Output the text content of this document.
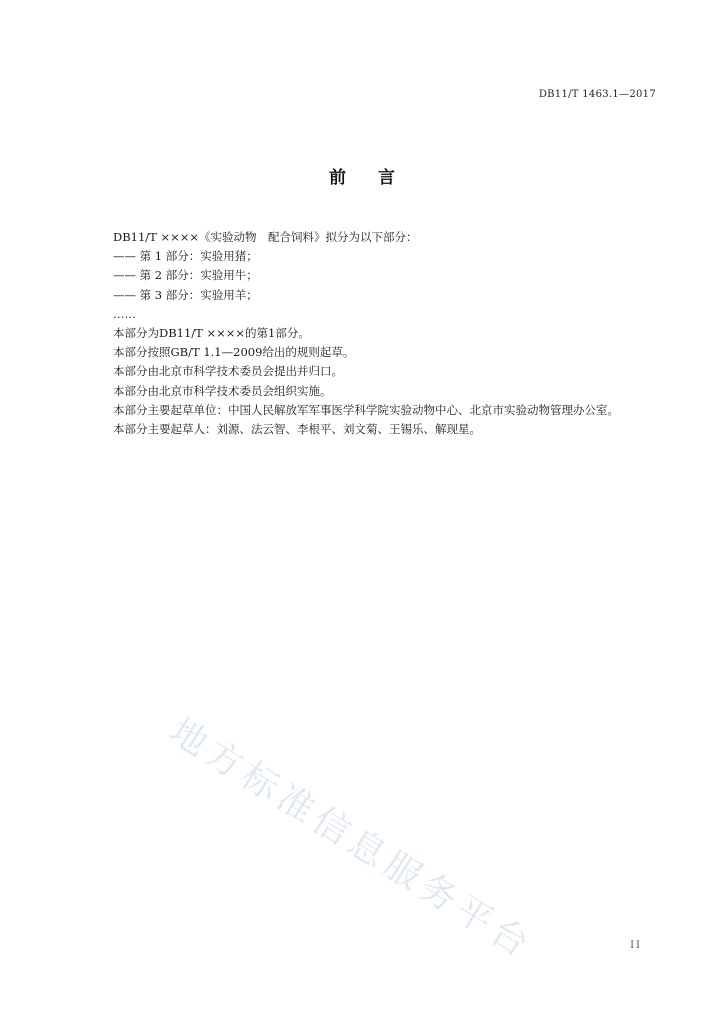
DB11/T 1463.1—2017
前言
DB11/T ××××《实验动物　配合饲料》拟分为以下部分：
—— 第 1 部分：实验用猪；
—— 第 2 部分：实验用牛；
—— 第 3 部分：实验用羊；
……
本部分为DB11/T ××××的第1部分。
本部分按照GB/T 1.1—2009给出的规则起草。
本部分由北京市科学技术委员会提出并归口。
本部分由北京市科学技术委员会组织实施。
本部分主要起草单位：中国人民解放军军事医学科学院实验动物中心、北京市实验动物管理办公室。
本部分主要起草人：刘源、法云智、李根平、刘文菊、王锡乐、解现星。
地方标准信息服务平台	II
